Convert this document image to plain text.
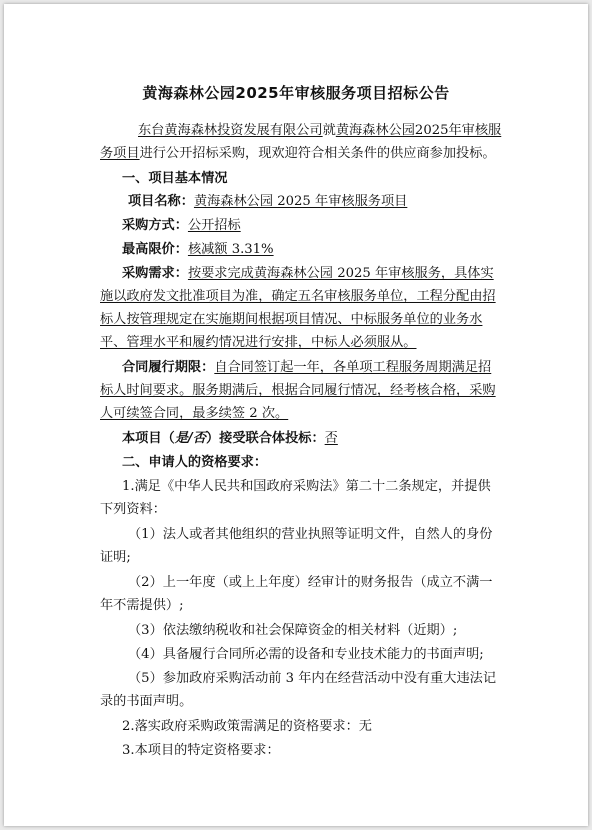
黄海森林公园2025年审核服务项目招标公告
东台黄海森林投资发展有限公司就黄海森林公园2025年审核服
务项目进行公开招标采购，现欢迎符合相关条件的供应商参加投标。
一、项目基本情况
项目名称：黄海森林公园 2025 年审核服务项目
采购方式：公开招标
最高限价：核减额 3.31%
采购需求：按要求完成黄海森林公园 2025 年审核服务，具体实
施以政府发文批准项目为准，确定五名审核服务单位，工程分配由招
标人按管理规定在实施期间根据项目情况、中标服务单位的业务水
平、管理水平和履约情况进行安排，中标人必须服从。
合同履行期限：自合同签订起一年，各单项工程服务周期满足招
标人时间要求。服务期满后，根据合同履行情况，经考核合格，采购
人可续签合同，最多续签 2 次。
本项目（是/否）接受联合体投标：否
二、申请人的资格要求：
1.满足《中华人民共和国政府采购法》第二十二条规定，并提供
下列资料：
（1）法人或者其他组织的营业执照等证明文件，自然人的身份
证明;
（2）上一年度（或上上年度）经审计的财务报告（成立不满一
年不需提供）;
（3）依法缴纳税收和社会保障资金的相关材料（近期）;
（4）具备履行合同所必需的设备和专业技术能力的书面声明;
（5）参加政府采购活动前 3 年内在经营活动中没有重大违法记
录的书面声明。
2.落实政府采购政策需满足的资格要求：无
3.本项目的特定资格要求：
